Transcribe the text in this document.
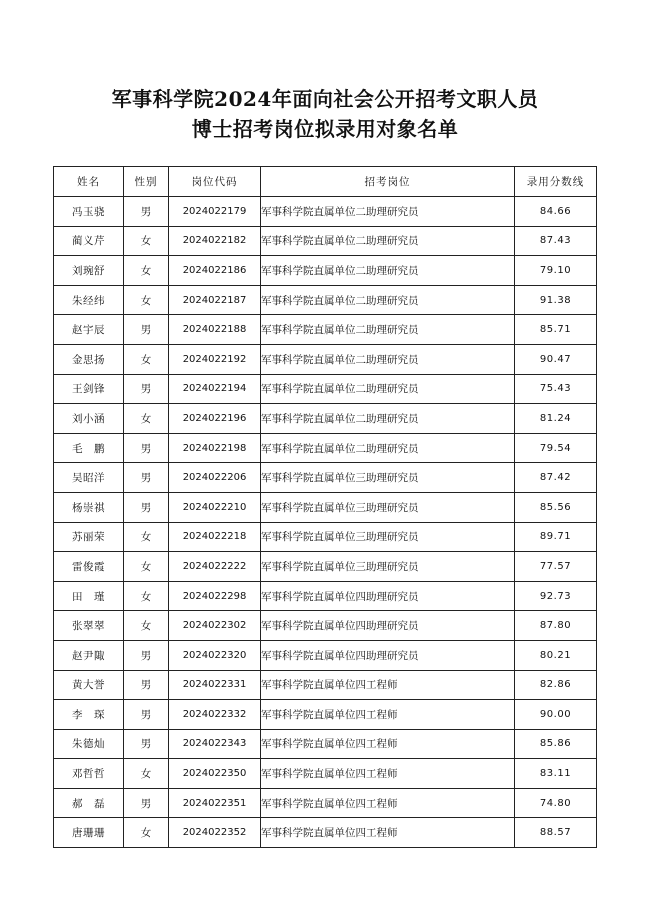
军事科学院2024年面向社会公开招考文职人员
博士招考岗位拟录用对象名单
姓名	性别	岗位代码	招考岗位	录用分数线
冯玉骁	男	2024022179	军事科学院直属单位二助理研究员	84.66
蔺义芹	女	2024022182	军事科学院直属单位二助理研究员	87.43
刘琬舒	女	2024022186	军事科学院直属单位二助理研究员	79.10
朱经纬	女	2024022187	军事科学院直属单位二助理研究员	91.38
赵宇辰	男	2024022188	军事科学院直属单位二助理研究员	85.71
金思扬	女	2024022192	军事科学院直属单位二助理研究员	90.47
王剑锋	男	2024022194	军事科学院直属单位二助理研究员	75.43
刘小涵	女	2024022196	军事科学院直属单位二助理研究员	81.24
毛　鹏	男	2024022198	军事科学院直属单位二助理研究员	79.54
吴昭洋	男	2024022206	军事科学院直属单位三助理研究员	87.42
杨崇祺	男	2024022210	军事科学院直属单位三助理研究员	85.56
苏丽荣	女	2024022218	军事科学院直属单位三助理研究员	89.71
雷俊霞	女	2024022222	军事科学院直属单位三助理研究员	77.57
田　瑾	女	2024022298	军事科学院直属单位四助理研究员	92.73
张翠翠	女	2024022302	军事科学院直属单位四助理研究员	87.80
赵尹陬	男	2024022320	军事科学院直属单位四助理研究员	80.21
黄大誉	男	2024022331	军事科学院直属单位四工程师	82.86
李　琛	男	2024022332	军事科学院直属单位四工程师	90.00
朱德灿	男	2024022343	军事科学院直属单位四工程师	85.86
邓哲哲	女	2024022350	军事科学院直属单位四工程师	83.11
郝　磊	男	2024022351	军事科学院直属单位四工程师	74.80
唐珊珊	女	2024022352	军事科学院直属单位四工程师	88.57
